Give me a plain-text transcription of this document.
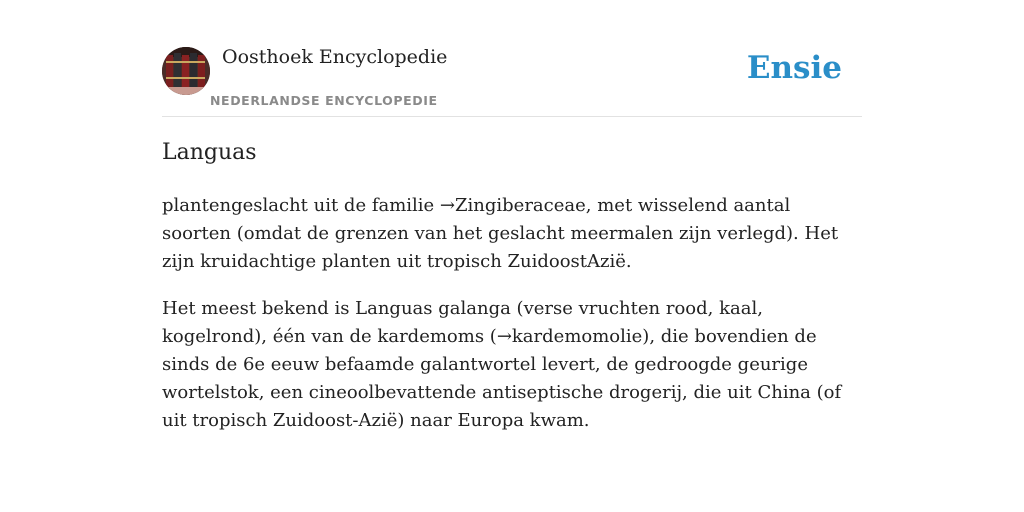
Oosthoek Encyclopedie
NEDERLANDSE ENCYCLOPEDIE
Ensie
Languas

plantengeslacht uit de familie →Zingiberaceae, met wisselend aantal soorten (omdat de grenzen van het geslacht meermalen zijn verlegd). Het zijn kruidachtige planten uit tropisch ZuidoostAzië.

Het meest bekend is Languas galanga (verse vruchten rood, kaal, kogelrond), één van de kardemoms (→kardemomolie), die bovendien de sinds de 6e eeuw befaamde galantwortel levert, de gedroogde geurige wortelstok, een cineoolbevattende antiseptische drogerij, die uit China (of uit tropisch Zuidoost-Azië) naar Europa kwam.
